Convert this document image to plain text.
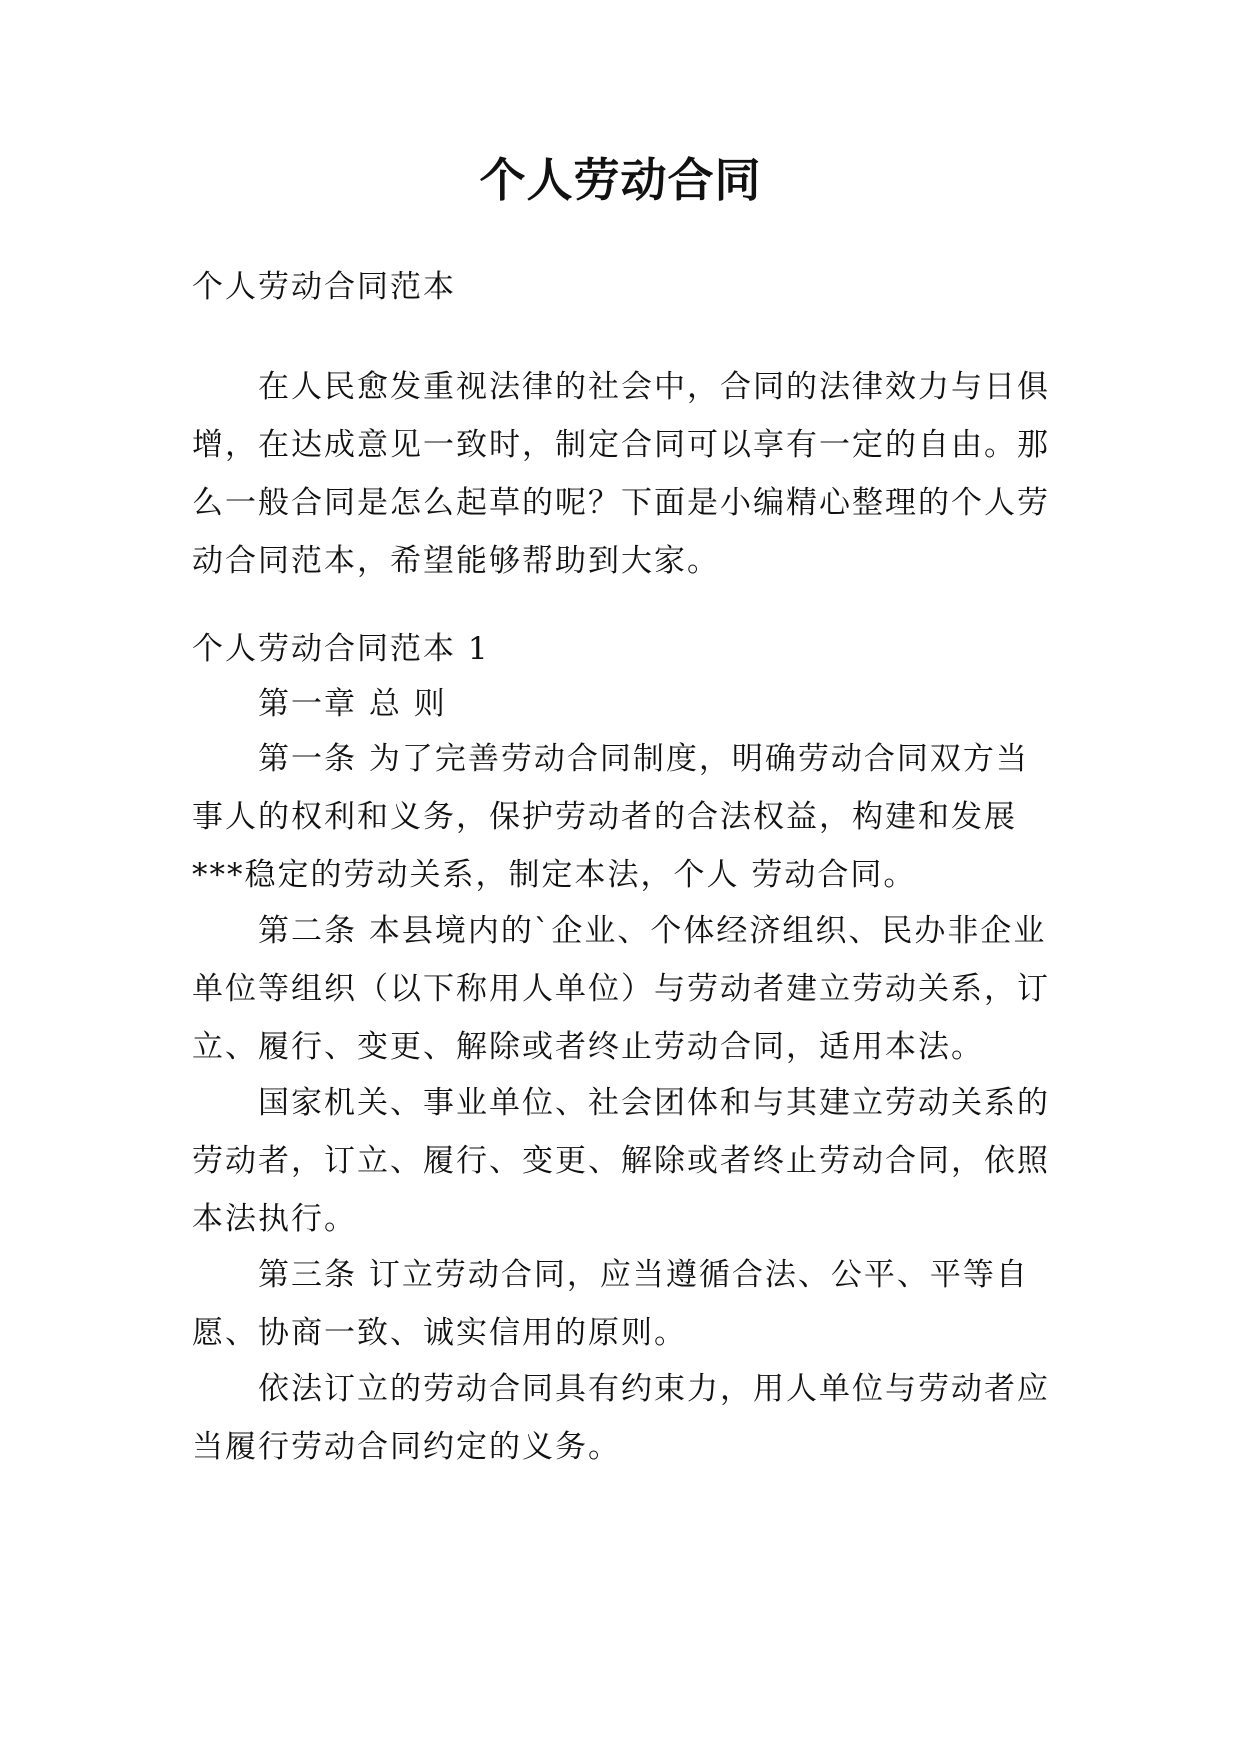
个人劳动合同

个人劳动合同范本

在人民愈发重视法律的社会中，合同的法律效力与日俱增，在达成意见一致时，制定合同可以享有一定的自由。那么一般合同是怎么起草的呢？下面是小编精心整理的个人劳动合同范本，希望能够帮助到大家。

个人劳动合同范本 1

第一章 总 则

第一条 为了完善劳动合同制度，明确劳动合同双方当事人的权利和义务，保护劳动者的合法权益，构建和发展***稳定的劳动关系，制定本法，个人 劳动合同。

第二条 本县境内的`企业、个体经济组织、民办非企业单位等组织（以下称用人单位）与劳动者建立劳动关系，订立、履行、变更、解除或者终止劳动合同，适用本法。

国家机关、事业单位、社会团体和与其建立劳动关系的劳动者，订立、履行、变更、解除或者终止劳动合同，依照本法执行。

第三条 订立劳动合同，应当遵循合法、公平、平等自愿、协商一致、诚实信用的原则。

依法订立的劳动合同具有约束力，用人单位与劳动者应当履行劳动合同约定的义务。
